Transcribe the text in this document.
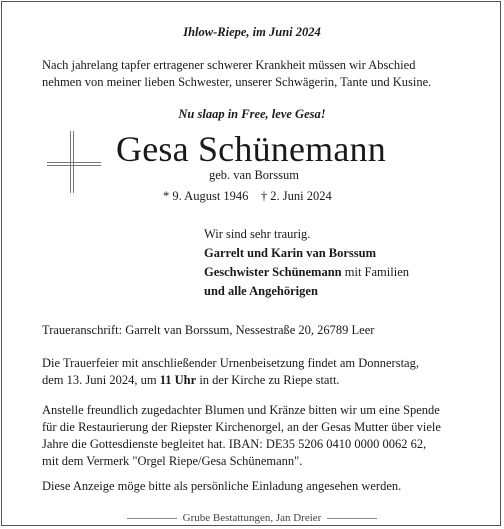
Ihlow-Riepe, im Juni 2024
Nach jahrelang tapfer ertragener schwerer Krankheit müssen wir Abschied
nehmen von meiner lieben Schwester, unserer Schwägerin, Tante und Kusine.
Nu slaap in Free, leve Gesa!
Gesa Schünemann
geb. van Borssum
* 9. August 1946    † 2. Juni 2024
Wir sind sehr traurig.
Garrelt und Karin van Borssum
Geschwister Schünemann mit Familien
und alle Angehörigen
Traueranschrift: Garrelt van Borssum, Nessestraße 20, 26789 Leer
Die Trauerfeier mit anschließender Urnenbeisetzung findet am Donnerstag,
dem 13. Juni 2024, um 11 Uhr in der Kirche zu Riepe statt.
Anstelle freundlich zugedachter Blumen und Kränze bitten wir um eine Spende
für die Restaurierung der Riepster Kirchenorgel, an der Gesas Mutter über viele
Jahre die Gottesdienste begleitet hat. IBAN: DE35 5206 0410 0000 0062 62,
mit dem Vermerk "Orgel Riepe/Gesa Schünemann".
Diese Anzeige möge bitte als persönliche Einladung angesehen werden.
Grube Bestattungen, Jan Dreier
